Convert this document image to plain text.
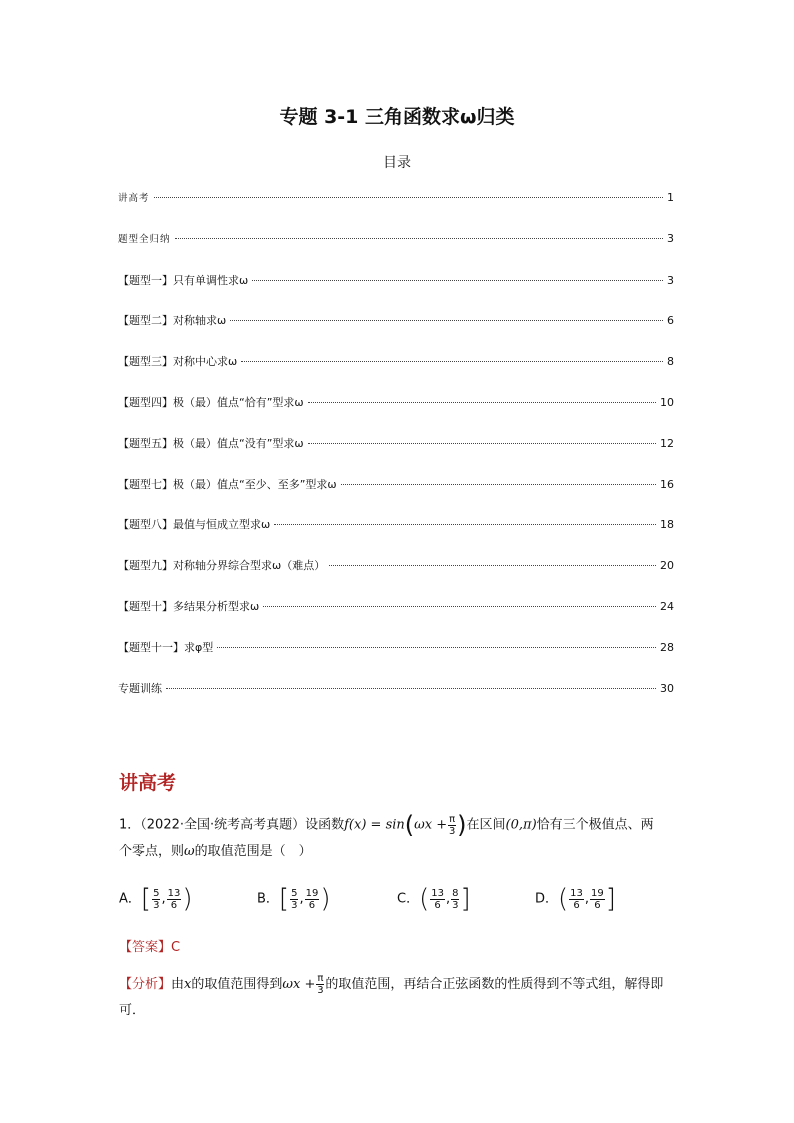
专题 3-1 三角函数求ω归类
目录
讲高考	1
题型全归纳	3
【题型一】只有单调性求ω	3
【题型二】对称轴求ω	6
【题型三】对称中心求ω	8
【题型四】极（最）值点“恰有”型求ω	10
【题型五】极（最）值点“没有”型求ω	12
【题型七】极（最）值点“至少、至多”型求ω	16
【题型八】最值与恒成立型求ω	18
【题型九】对称轴分界综合型求ω（难点）	20
【题型十】多结果分析型求ω	24
【题型十一】求φ型	28
专题训练	30
讲高考
1．（2022·全国·统考高考真题）设函数$f(x) = \sin(\omega x + \frac{\pi}{3}$ )在区间(0,π)恰有三个极值点、两
个零点，则ω的取值范围是（　）
A．[ $\frac{5}{3}$ , $\frac{13}{6}$ )	B．[ $\frac{5}{3}$ , $\frac{19}{6}$ )	C．( $\frac{13}{6}$ , $\frac{8}{3}$ ]	D．( $\frac{13}{6}$ , $\frac{19}{6}$ ]
【答案】C
【分析】由x的取值范围得到$\omega x + \frac{\pi}{3}$ 的取值范围，再结合正弦函数的性质得到不等式组，解得即可．
